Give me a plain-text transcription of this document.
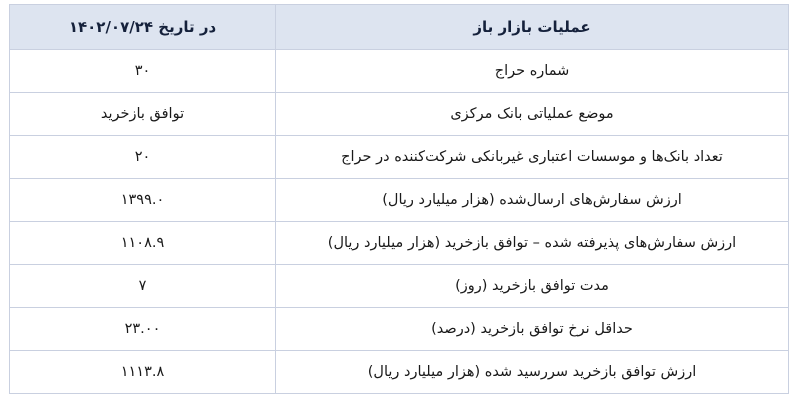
عملیات بازار باز	در تاریخ ۱۴۰۲/۰۷/۲۴
شماره حراج	۳۰
موضع عملیاتی بانک مرکزی	توافق بازخرید
تعداد بانک‌ها و موسسات اعتباری غیربانکی شرکت‌کننده در حراج	۲۰
ارزش سفارش‌های ارسال‌شده (هزار میلیارد ریال)	۱۳۹۹.۰
ارزش سفارش‌های پذیرفته شده – توافق بازخرید (هزار میلیارد ریال)	۱۱۰۸.۹
مدت توافق بازخرید (روز)	۷
حداقل نرخ توافق بازخرید (درصد)	۲۳.۰۰
ارزش توافق بازخرید سررسید شده (هزار میلیارد ریال)	۱۱۱۳.۸
